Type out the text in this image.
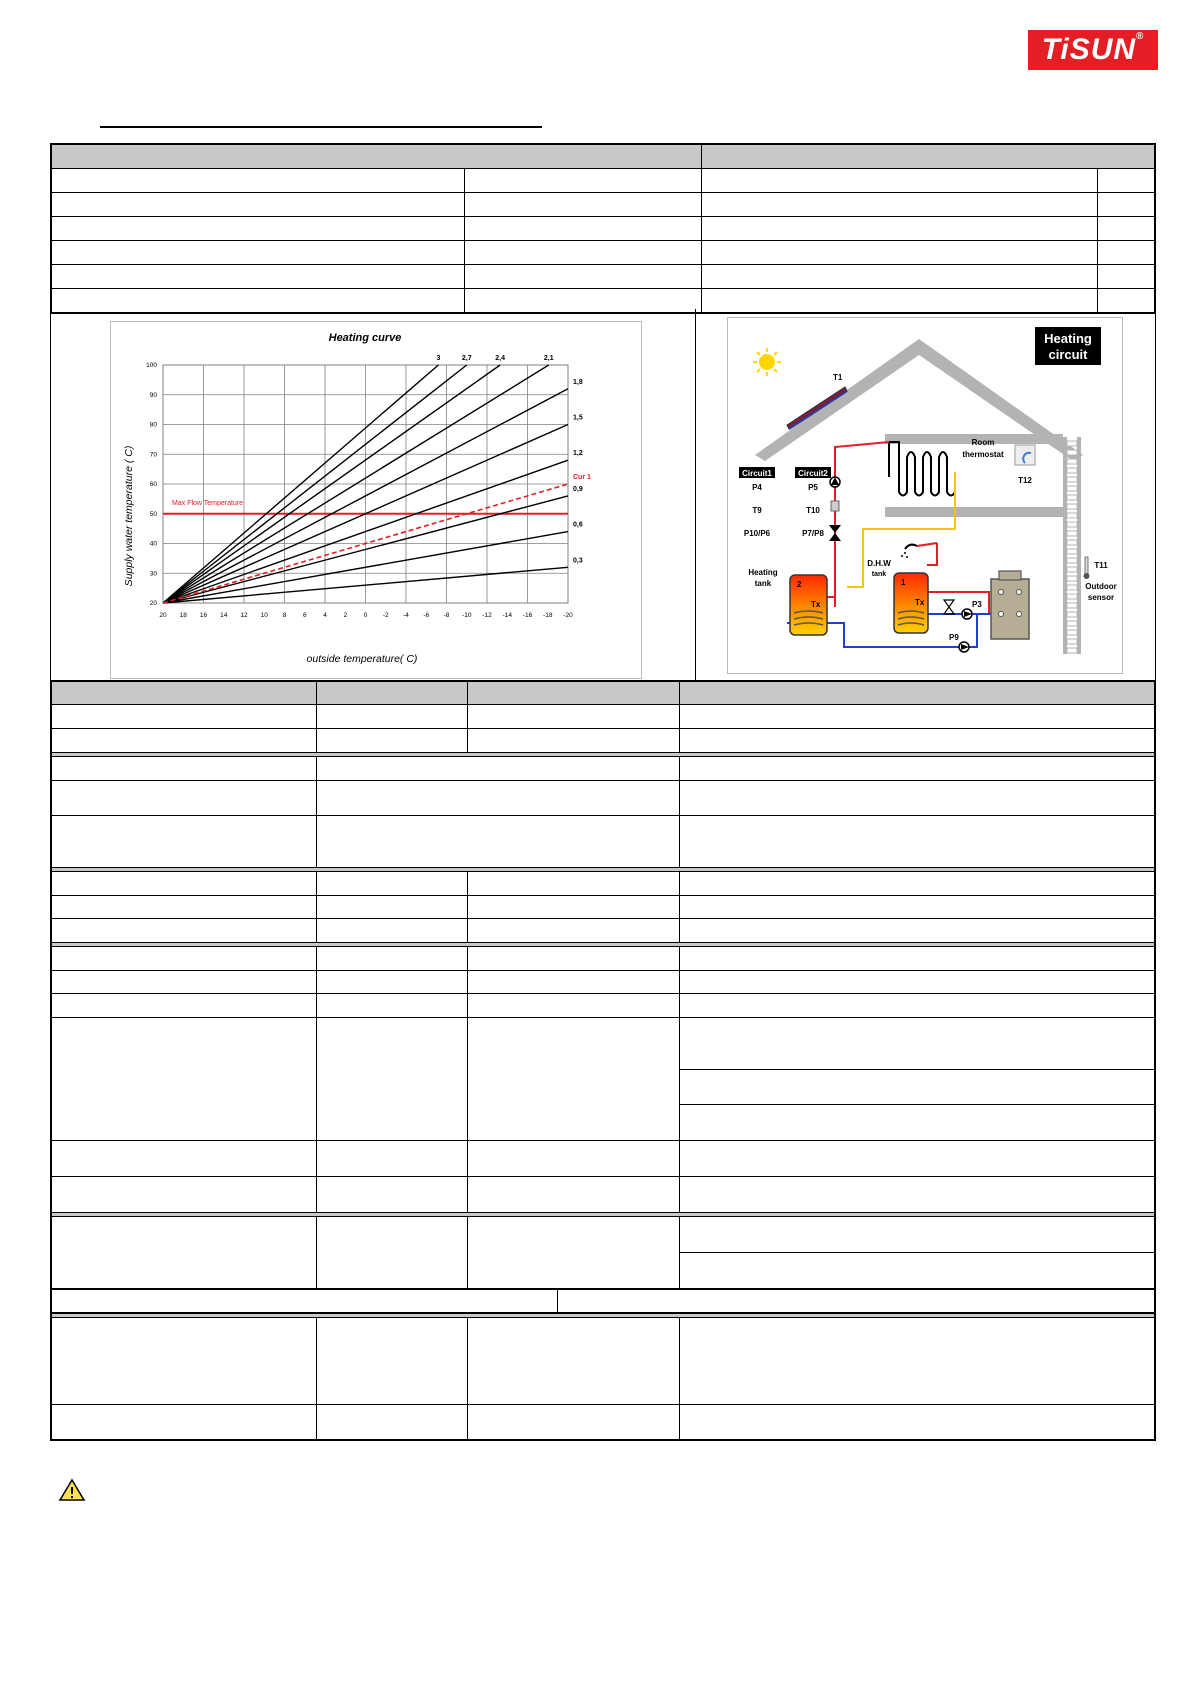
TiSUN®

Heating curve
20 18 16 14 12 10 8	6	4	2	0 -2 -4 -6 -8 -10 -12 -14 -16 -18 -20
20
30
40
50
60
70
80
90
100
Max Flow Temperature
3	2,7	2,4	2,1
1,8
1,5
1,2
0,9
0,6
0,3
Cur 1
outside temperature( C)
Supply water temperature ( C)
T1
Heating
circuit
Room
thermostat
T12
Circuit1	Circuit2
P4	P5
T9	T10
P10/P6	P7/P8
D.H.W
tank
Heating
tank	2
Tx
1
Tx	P3
P9
T11
Outdoor
sensor
